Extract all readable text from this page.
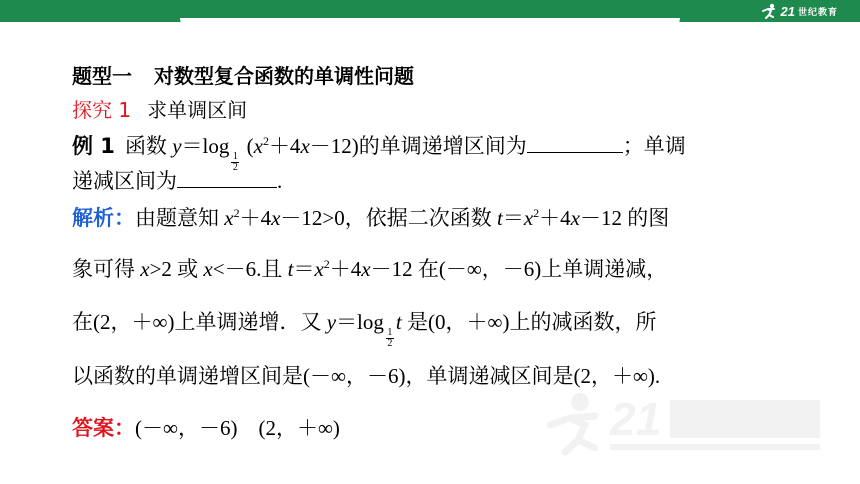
21 世纪教育
21
题型一 对数型复合函数的单调性问题
探究 1 求单调区间
例 1 函数 y＝log
$\frac{1}{2}$
$(x^2+4x-12)$的单调递增区间为	；单调
递减区间为	.
解析：由题意知 $x^2+4x-12>0$，依据二次函数 $t=x^2+4x-12$ 的图
象可得 x>2 或 x<－6.且 $t=x^2+4x-12$ 在(－∞，－6)上单调递减，
在(2，＋∞)上单调递增．又 y＝log
$\frac{1}{2}$
t 是(0，＋∞)上的减函数，所
以函数的单调递增区间是(－∞，－6)，单调递减区间是(2，＋∞).
答案：(－∞，－6)　(2，＋∞)
